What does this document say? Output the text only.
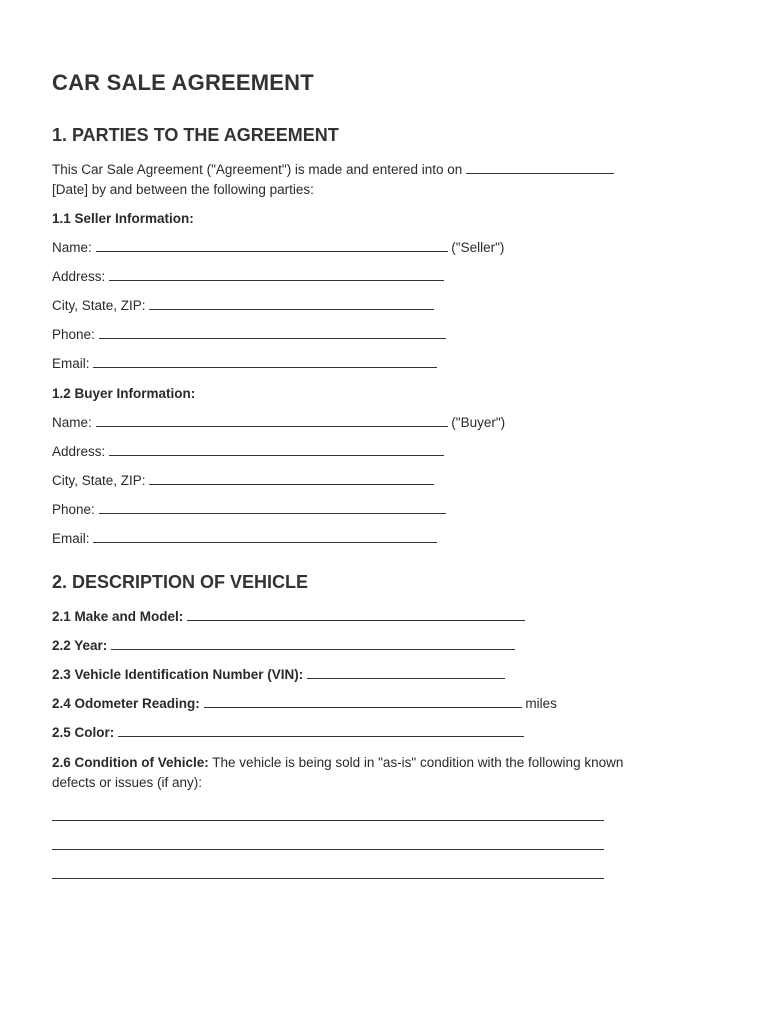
CAR SALE AGREEMENT
1. PARTIES TO THE AGREEMENT
This Car Sale Agreement ("Agreement") is made and entered into on
[Date] by and between the following parties:
1.1 Seller Information:
Name:	("Seller")
Address:
City, State, ZIP:
Phone:
Email:
1.2 Buyer Information:
Name:	("Buyer")
Address:
City, State, ZIP:
Phone:
Email:
2. DESCRIPTION OF VEHICLE
2.1 Make and Model:
2.2 Year:
2.3 Vehicle Identification Number (VIN):
2.4 Odometer Reading:	miles
2.5 Color:
2.6 Condition of Vehicle: The vehicle is being sold in "as-is" condition with the following known
defects or issues (if any):
